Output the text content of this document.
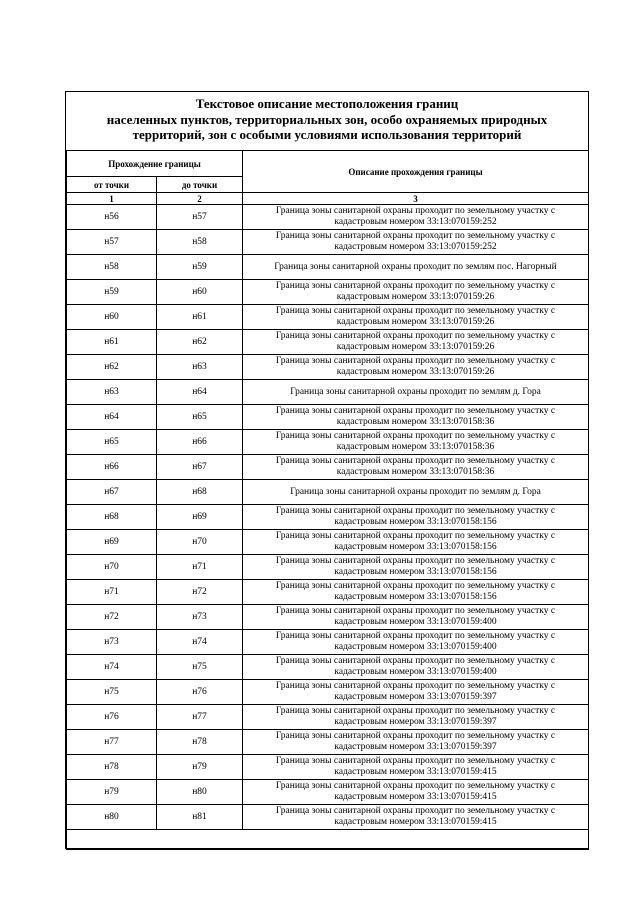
Текстовое описание местоположения границ
населенных пунктов, территориальных зон, особо охраняемых природных
территорий, зон с особыми условиями использования территорий
Прохождение границы		Описание прохождения границы
от точки	до точки	
1	2	3
н56	н57	Граница зоны санитарной охраны проходит по земельному участку с
кадастровым номером 33:13:070159:252

н57	н58	Граница зоны санитарной охраны проходит по земельному участку с
кадастровым номером 33:13:070159:252

н58	н59	Граница зоны санитарной охраны проходит по землям пос. Нагорный

н59	н60	Граница зоны санитарной охраны проходит по земельному участку с
кадастровым номером 33:13:070159:26

н60	н61	Граница зоны санитарной охраны проходит по земельному участку с
кадастровым номером 33:13:070159:26

н61	н62	Граница зоны санитарной охраны проходит по земельному участку с
кадастровым номером 33:13:070159:26

н62	н63	Граница зоны санитарной охраны проходит по земельному участку с
кадастровым номером 33:13:070159:26

н63	н64	Граница зоны санитарной охраны проходит по землям д. Гора

н64	н65	Граница зоны санитарной охраны проходит по земельному участку с
кадастровым номером 33:13:070158:36

н65	н66	Граница зоны санитарной охраны проходит по земельному участку с
кадастровым номером 33:13:070158:36

н66	н67	Граница зоны санитарной охраны проходит по земельному участку с
кадастровым номером 33:13:070158:36

н67	н68	Граница зоны санитарной охраны проходит по землям д. Гора

н68	н69	Граница зоны санитарной охраны проходит по земельному участку с
кадастровым номером 33:13:070158:156

н69	н70	Граница зоны санитарной охраны проходит по земельному участку с
кадастровым номером 33:13:070158:156

н70	н71	Граница зоны санитарной охраны проходит по земельному участку с
кадастровым номером 33:13:070158:156

н71	н72	Граница зоны санитарной охраны проходит по земельному участку с
кадастровым номером 33:13:070158:156

н72	н73	Граница зоны санитарной охраны проходит по земельному участку с
кадастровым номером 33:13:070159:400

н73	н74	Граница зоны санитарной охраны проходит по земельному участку с
кадастровым номером 33:13:070159:400

н74	н75	Граница зоны санитарной охраны проходит по земельному участку с
кадастровым номером 33:13:070159:400

н75	н76	Граница зоны санитарной охраны проходит по земельному участку с
кадастровым номером 33:13:070159:397

н76	н77	Граница зоны санитарной охраны проходит по земельному участку с
кадастровым номером 33:13:070159:397

н77	н78	Граница зоны санитарной охраны проходит по земельному участку с
кадастровым номером 33:13:070159:397

н78	н79	Граница зоны санитарной охраны проходит по земельному участку с
кадастровым номером 33:13:070159:415

н79	н80	Граница зоны санитарной охраны проходит по земельному участку с
кадастровым номером 33:13:070159:415

н80	н81	Граница зоны санитарной охраны проходит по земельному участку с
кадастровым номером 33:13:070159:415
